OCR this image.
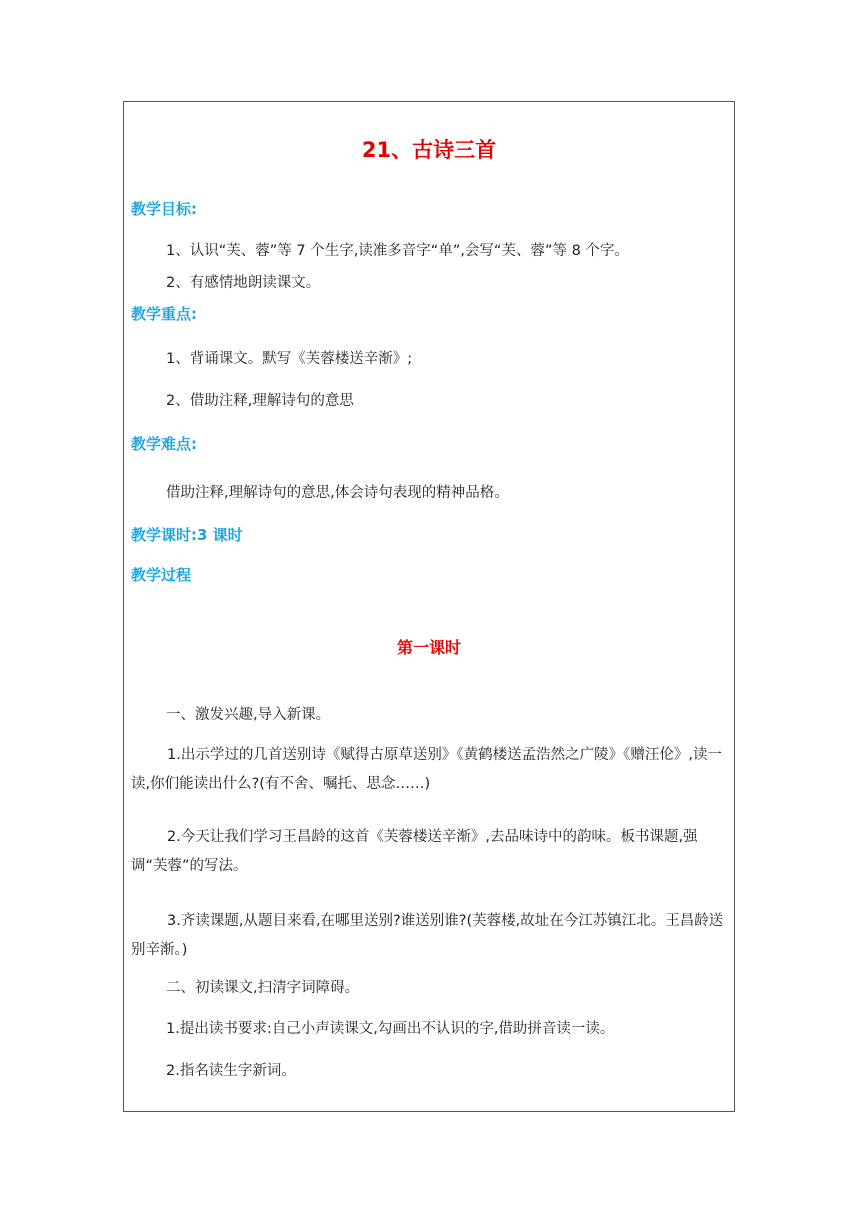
21、古诗三首
教学目标:
1、认识“芙、蓉”等 7 个生字,读准多音字“单”,会写“芙、蓉”等 8 个字。
2、有感情地朗读课文。
教学重点:
1、背诵课文。默写《芙蓉楼送辛渐》;
2、借助注释,理解诗句的意思
教学难点:
借助注释,理解诗句的意思,体会诗句表现的精神品格。
教学课时:3 课时
教学过程
第一课时
一、激发兴趣,导入新课。
1.出示学过的几首送别诗《赋得古原草送别》《黄鹤楼送孟浩然之广陵》《赠汪伦》,读一读,你们能读出什么?(有不舍、嘱托、思念……)
2.今天让我们学习王昌龄的这首《芙蓉楼送辛渐》,去品味诗中的韵味。板书课题,强调“芙蓉”的写法。
3.齐读课题,从题目来看,在哪里送别?谁送别谁?(芙蓉楼,故址在今江苏镇江北。王昌龄送别辛渐。)
二、初读课文,扫清字词障碍。
1.提出读书要求:自己小声读课文,勾画出不认识的字,借助拼音读一读。
2.指名读生字新词。
